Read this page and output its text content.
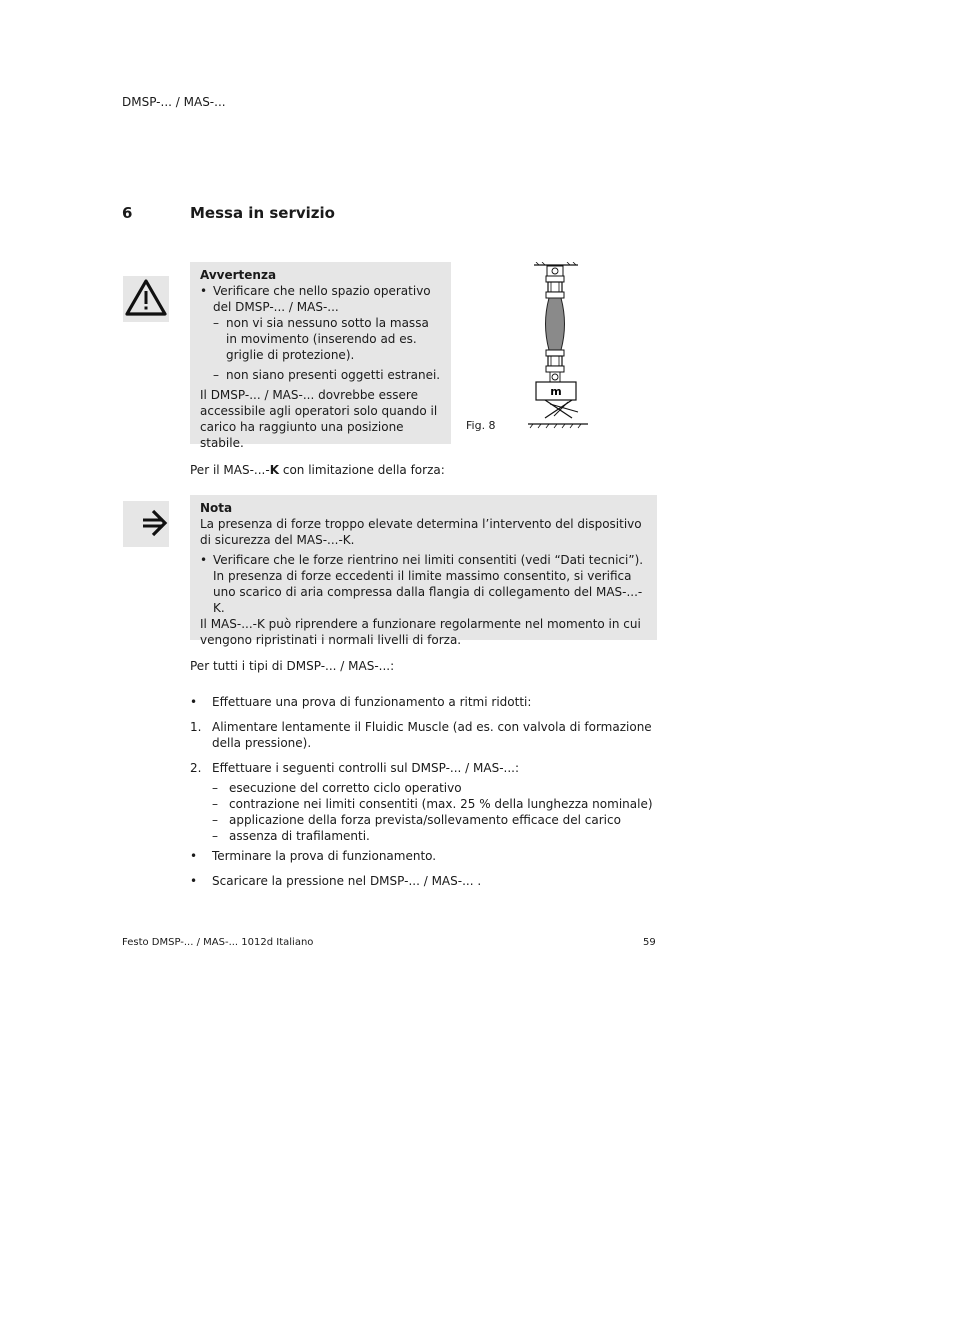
DMSP-... / MAS-...
6	Messa in servizio
Avvertenza
• Verificare che nello spazio operativo del DMSP-... / MAS-...
– non vi sia nessuno sotto la massa in movimento (inserendo ad es. griglie di protezione).
– non siano presenti oggetti estranei.
Il DMSP-... / MAS-... dovrebbe essere accessibile agli operatori solo quando il carico ha raggiunto una posizione stabile.
m
Fig. 8
Per il MAS-...-K con limitazione della forza:
Nota
La presenza di forze troppo elevate determina l’intervento del dispositivo di sicurezza del MAS-...-K.
• Verificare che le forze rientrino nei limiti consentiti (vedi “Dati tecnici”). In presenza di forze eccedenti il limite massimo consentito, si verifica uno scarico di aria compressa dalla flangia di collegamento del MAS-...-K.
Il MAS-...-K può riprendere a funzionare regolarmente nel momento in cui vengono ripristinati i normali livelli di forza.
Per tutti i tipi di DMSP-... / MAS-...:
•	Effettuare una prova di funzionamento a ritmi ridotti:
1. Alimentare lentamente il Fluidic Muscle (ad es. con valvola di formazione della pressione).
2. Effettuare i seguenti controlli sul DMSP-... / MAS-...:
– esecuzione del corretto ciclo operativo
– contrazione nei limiti consentiti (max. 25 % della lunghezza nominale)
– applicazione della forza prevista/sollevamento efficace del carico
– assenza di trafilamenti.
•	Terminare la prova di funzionamento.
•	Scaricare la pressione nel DMSP-... / MAS-... .
Festo DMSP-... / MAS-... 1012d Italiano	59
